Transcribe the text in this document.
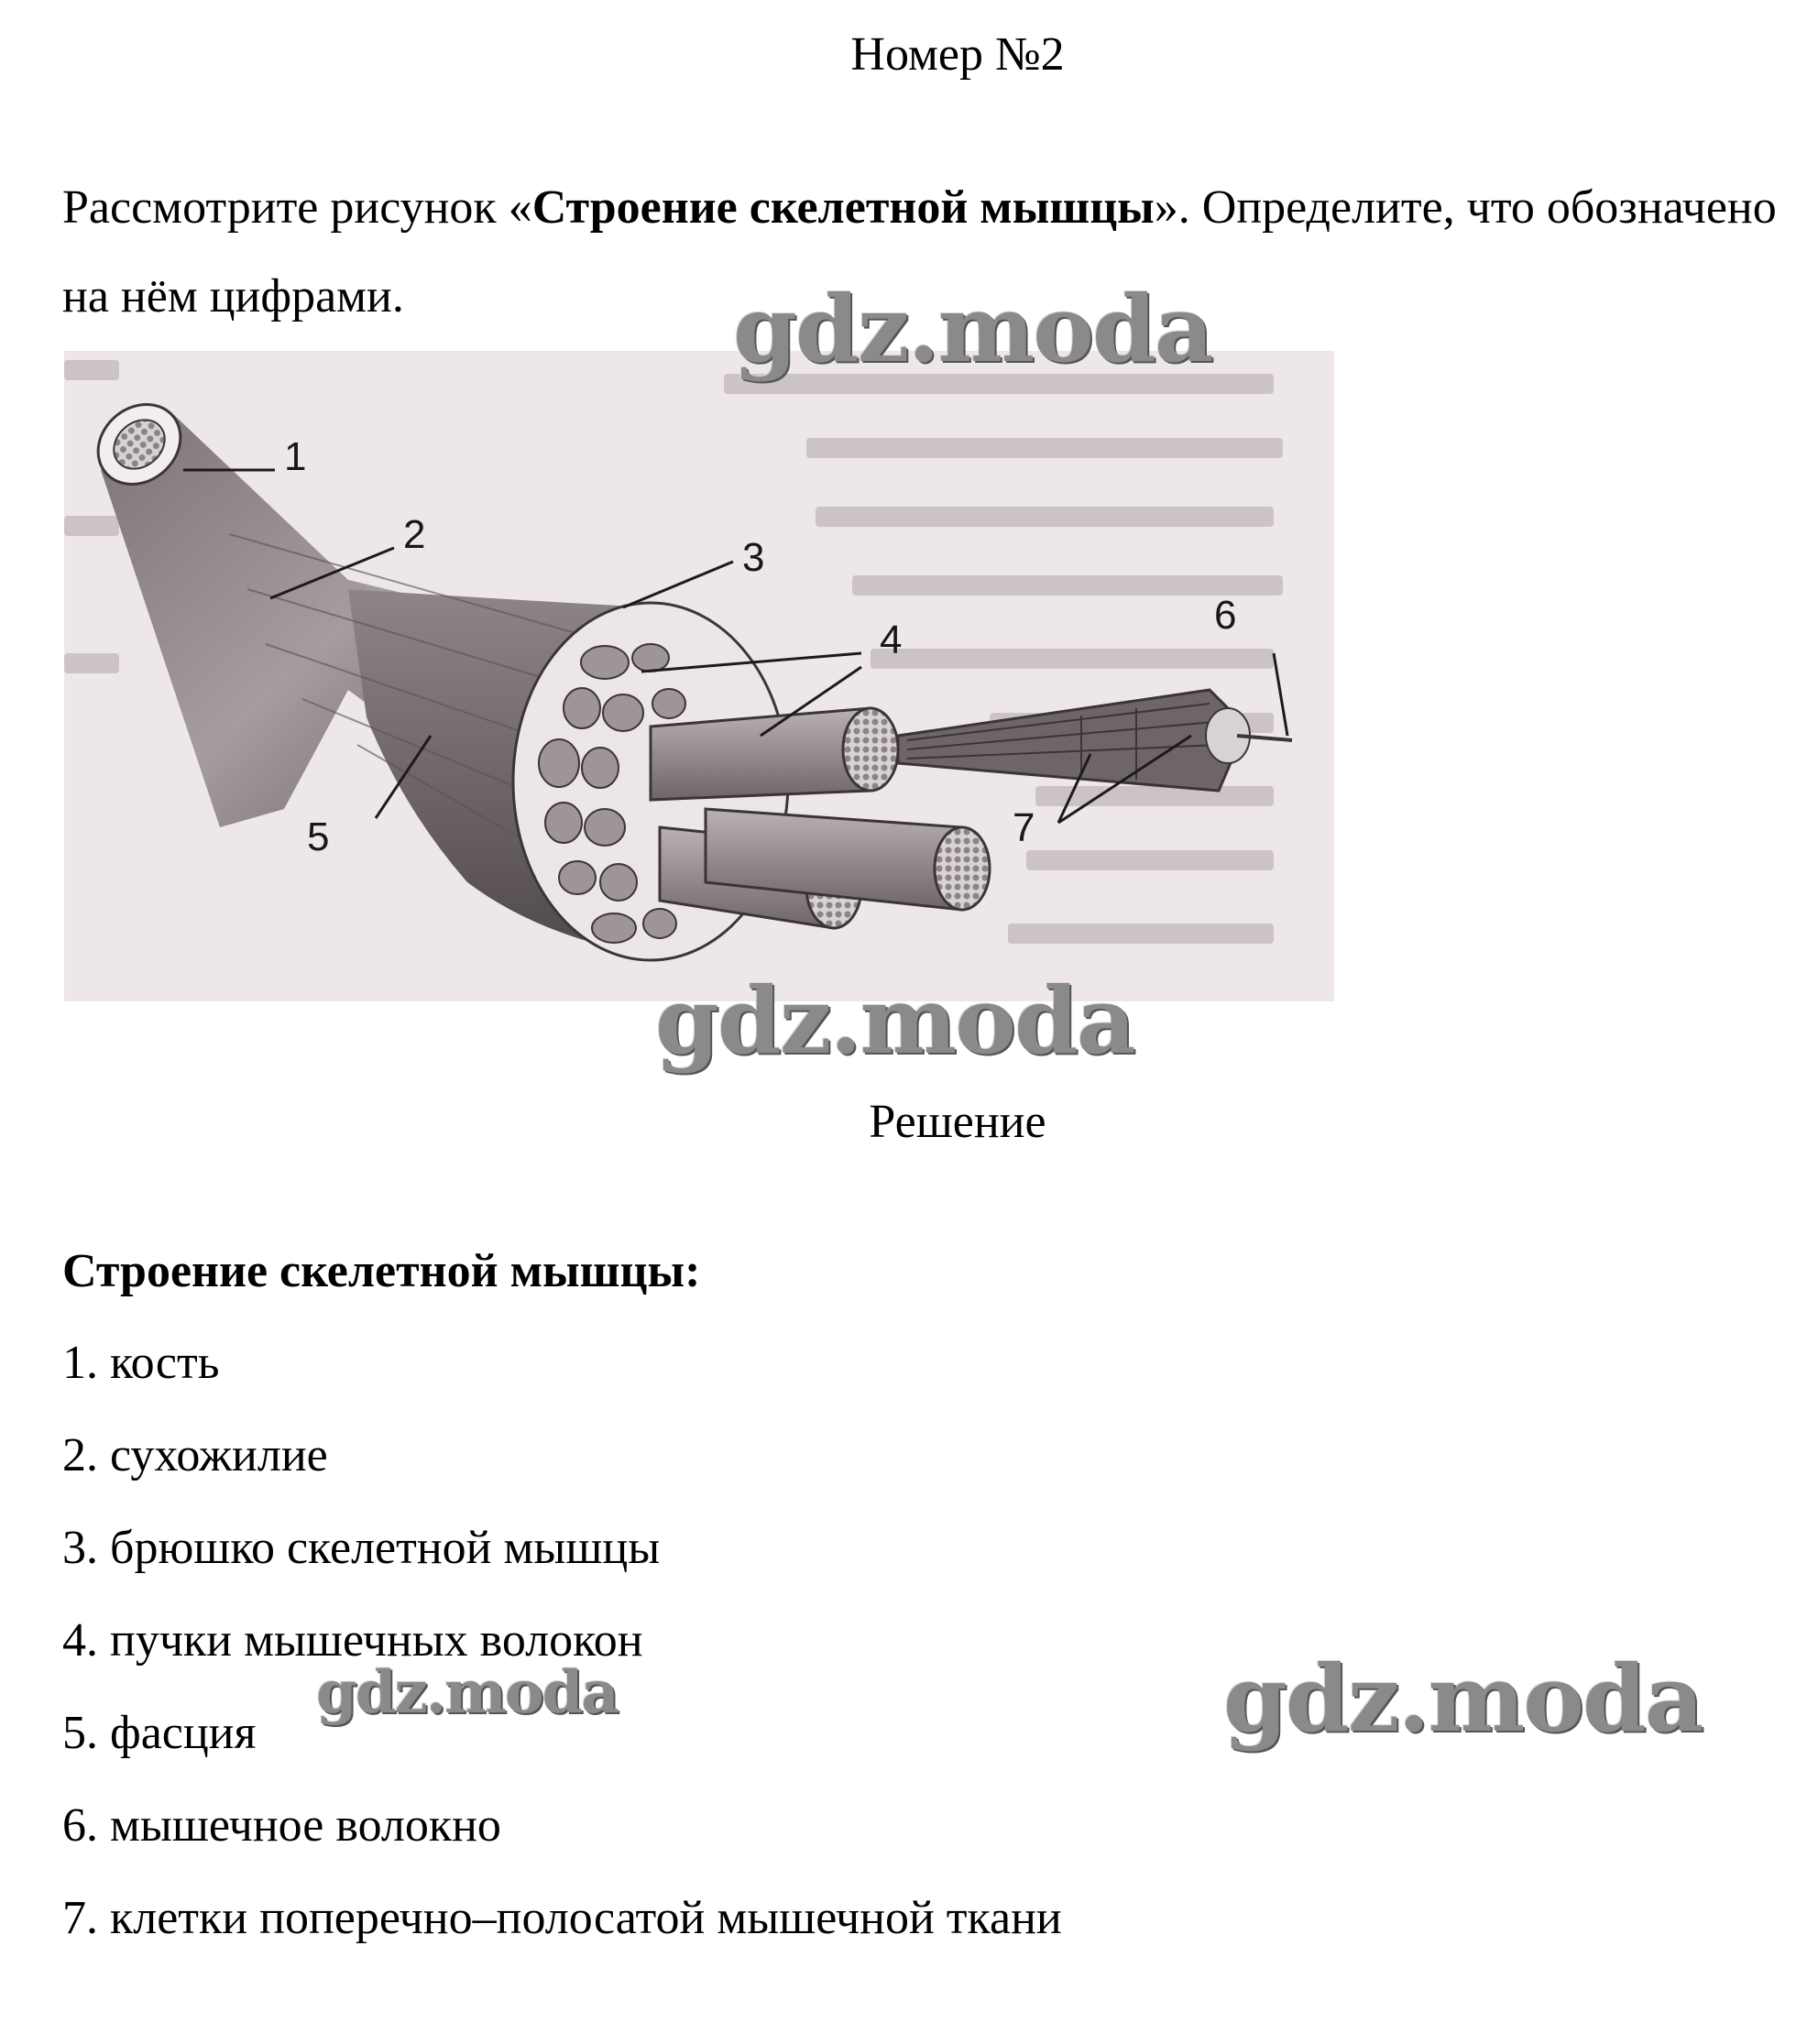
Номер №2
Рассмотрите рисунок «Строение скелетной мышцы». Определите, что обозначено на нём цифрами.
1
2
3
4
5
6
7
Решение
Строение скелетной мышцы:
1. кость
2. сухожилие
3. брюшко скелетной мышцы
4. пучки мышечных волокон
5. фасция
6. мышечное волокно
7. клетки поперечно–полосатой мышечной ткани
gdz.moda
gdz.moda
gdz.moda
gdz.moda
